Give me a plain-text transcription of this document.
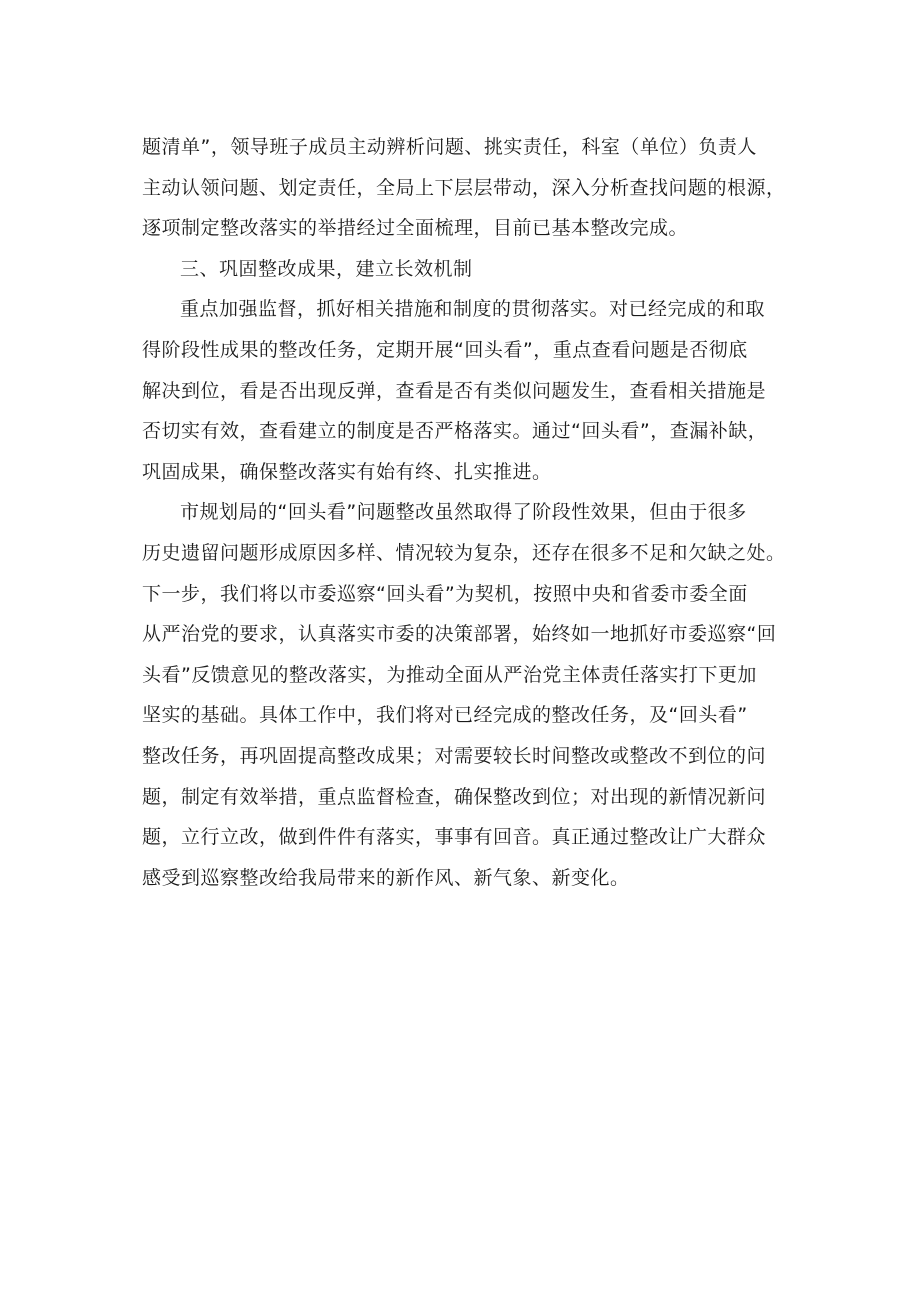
题清单”，领导班子成员主动辨析问题、挑实责任，科室（单位）负责人
主动认领问题、划定责任，全局上下层层带动，深入分析查找问题的根源，
逐项制定整改落实的举措经过全面梳理，目前已基本整改完成。
三、巩固整改成果，建立长效机制
重点加强监督，抓好相关措施和制度的贯彻落实。对已经完成的和取
得阶段性成果的整改任务，定期开展“回头看”，重点查看问题是否彻底
解决到位，看是否出现反弹，查看是否有类似问题发生，查看相关措施是
否切实有效，查看建立的制度是否严格落实。通过“回头看”，查漏补缺，
巩固成果，确保整改落实有始有终、扎实推进。
市规划局的“回头看”问题整改虽然取得了阶段性效果，但由于很多
历史遗留问题形成原因多样、情况较为复杂，还存在很多不足和欠缺之处。
下一步，我们将以市委巡察“回头看”为契机，按照中央和省委市委全面
从严治党的要求，认真落实市委的决策部署，始终如一地抓好市委巡察“回
头看”反馈意见的整改落实，为推动全面从严治党主体责任落实打下更加
坚实的基础。具体工作中，我们将对已经完成的整改任务，及“回头看”
整改任务，再巩固提高整改成果；对需要较长时间整改或整改不到位的问
题，制定有效举措，重点监督检查，确保整改到位；对出现的新情况新问
题，立行立改，做到件件有落实，事事有回音。真正通过整改让广大群众
感受到巡察整改给我局带来的新作风、新气象、新变化。
